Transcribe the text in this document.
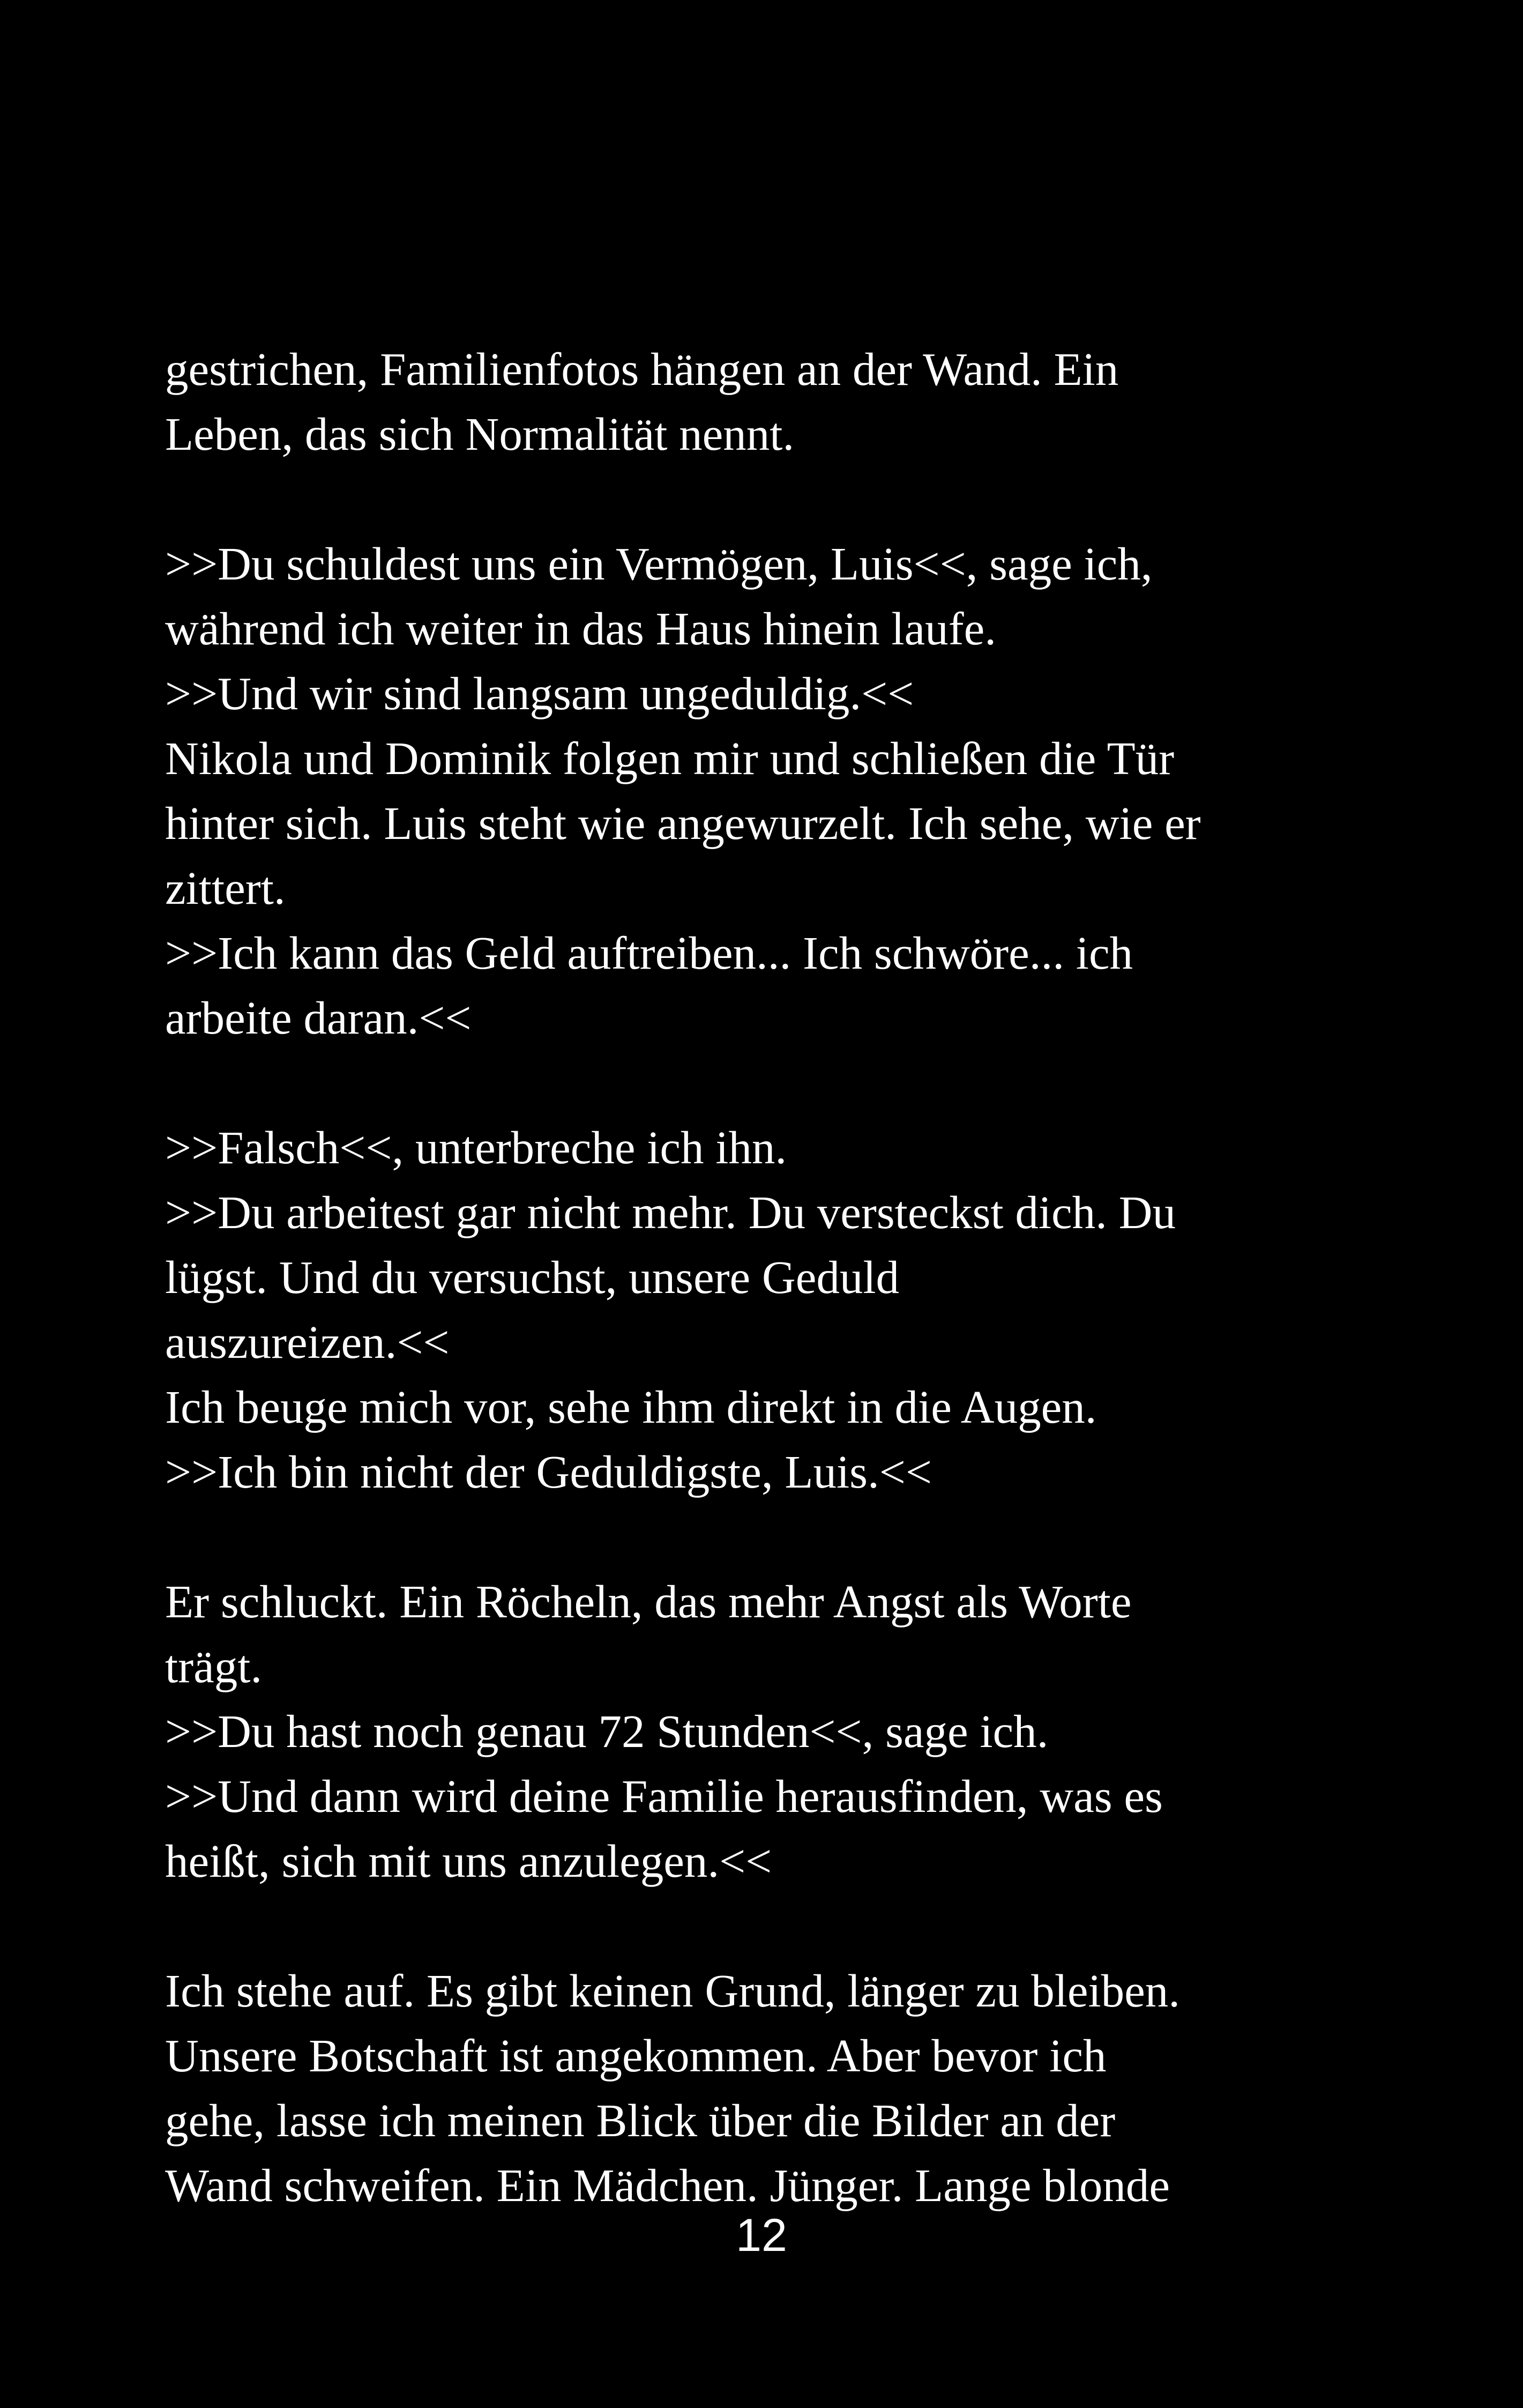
gestrichen, Familienfotos hängen an der Wand. Ein
Leben, das sich Normalität nennt.
>>Du schuldest uns ein Vermögen, Luis<<, sage ich,
während ich weiter in das Haus hinein laufe.
>>Und wir sind langsam ungeduldig.<<
Nikola und Dominik folgen mir und schließen die Tür
hinter sich. Luis steht wie angewurzelt. Ich sehe, wie er
zittert.
>>Ich kann das Geld auftreiben... Ich schwöre... ich
arbeite daran.<<
>>Falsch<<, unterbreche ich ihn.
>>Du arbeitest gar nicht mehr. Du versteckst dich. Du
lügst. Und du versuchst, unsere Geduld
auszureizen.<<
Ich beuge mich vor, sehe ihm direkt in die Augen.
>>Ich bin nicht der Geduldigste, Luis.<<
Er schluckt. Ein Röcheln, das mehr Angst als Worte
trägt.
>>Du hast noch genau 72 Stunden<<, sage ich.
>>Und dann wird deine Familie herausfinden, was es
heißt, sich mit uns anzulegen.<<
Ich stehe auf. Es gibt keinen Grund, länger zu bleiben.
Unsere Botschaft ist angekommen. Aber bevor ich
gehe, lasse ich meinen Blick über die Bilder an der
Wand schweifen. Ein Mädchen. Jünger. Lange blonde
12
